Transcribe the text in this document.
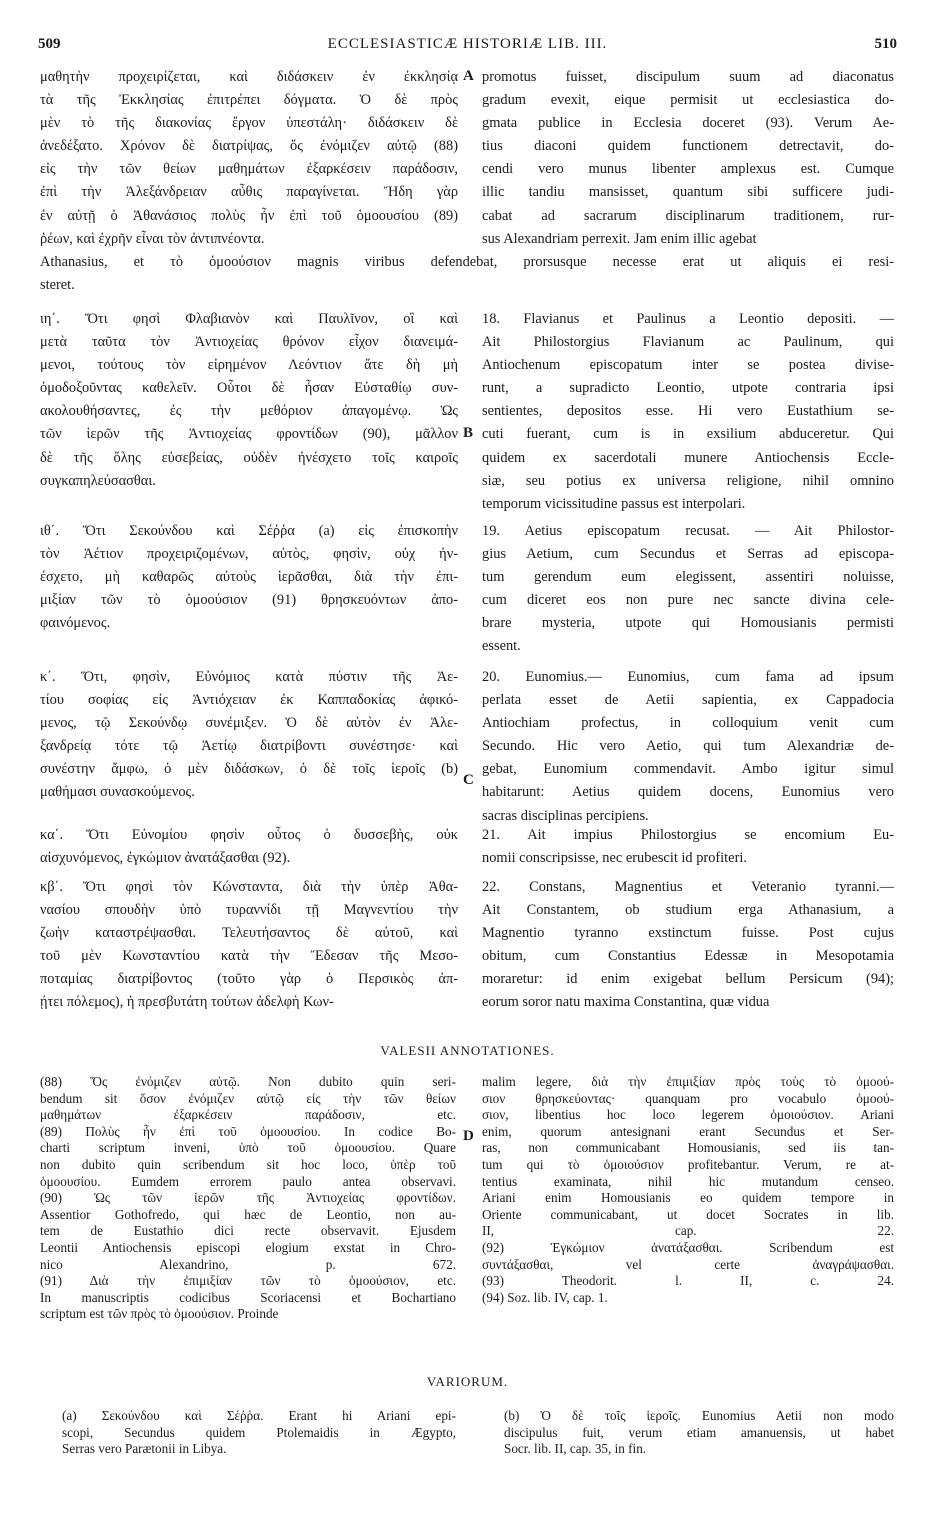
509	ECCLESIASTICÆ HISTORIÆ LIB. III.	510
μαθητὴν προχειρίζεται, καὶ διδάσκειν ἐν ἐκκλησίᾳ
τὰ τῆς Ἐκκλησίας ἐπιτρέπει δόγματα. Ὁ δὲ πρὸς
μὲν τὸ τῆς διακονίας ἔργον ὑπεστάλη· διδάσκειν δὲ
ἀνεδέξατο. Χρόνον δὲ διατρίψας, ὅς ἐνόμιζεν αὐτῷ (88)
εἰς τὴν τῶν θείων μαθημάτων ἐξαρκέσειν παράδοσιν,
ἐπὶ τὴν Ἀλεξάνδρειαν αὖθις παραγίνεται. Ἤδη γὰρ
ἐν αὐτῇ ὁ Ἀθανάσιος πολὺς ἦν ἐπὶ τοῦ ὁμοουσίου (89)
ῥέων, καὶ ἐχρῆν εἶναι τὸν ἀντιπνέοντα.
promotus fuisset, discipulum suum ad diaconatus
gradum evexit, eique permisit ut ecclesiastica do-
gmata publice in Ecclesia doceret (93). Verum Ae-
tius diaconi quidem functionem detrectavit, do-
cendi vero munus libenter amplexus est. Cumque
illic tandiu mansisset, quantum sibi sufficere judi-
cabat ad sacrarum disciplinarum traditionem, rur-
sus Alexandriam perrexit. Jam enim illic agebat
Athanasius, et τὸ ὁμοούσιον magnis viribus defendebat, prorsusque necesse erat ut aliquis ei resi-
steret.
ιη΄. Ὅτι φησὶ Φλαβιανὸν καὶ Παυλῖνον, οἳ καὶ
μετὰ ταῦτα τὸν Ἀντιοχείας θρόνον εἶχον διανειμά-
μενοι, τούτους τὸν εἰρημένον Λεόντιον ἅτε δὴ μὴ
ὁμοδοξοῦντας καθελεῖν. Οὗτοι δὲ ἦσαν Εὐσταθίῳ συν-
ακολουθήσαντες, ἐς τὴν μεθόριον ἀπαγομένῳ. Ὡς
τῶν ἱερῶν τῆς Ἀντιοχείας φροντίδων (90), μᾶλλον
δὲ τῆς ὅλης εὐσεβείας, οὐδὲν ἠνέσχετο τοῖς καιροῖς
συγκαπηλεύσασθαι.
ιθ΄. Ὅτι Σεκούνδου καὶ Σέῤῥα (a) εἰς ἐπισκοπὴν
τὸν Ἀέτιον προχειριζομένων, αὐτὸς, φησὶν, οὐχ ἠν-
έσχετο, μὴ καθαρῶς αὐτοὺς ἱερᾶσθαι, διὰ τὴν ἐπι-
μιξίαν τῶν τὸ ὁμοούσιον (91) θρησκευόντων ἀπο-
φαινόμενος.
κ΄. Ὅτι, φησὶν, Εὐνόμιος κατὰ πύστιν τῆς Ἀε-
τίου σοφίας εἰς Ἀντιόχειαν ἐκ Καππαδοκίας ἀφικό-
μενος, τῷ Σεκούνδῳ συνέμιξεν. Ὁ δὲ αὐτὸν ἐν Ἀλε-
ξανδρείᾳ τότε τῷ Ἀετίῳ διατρίβοντι συνέστησε· καὶ
συνέστην ἄμφω, ὁ μὲν διδάσκων, ὁ δὲ τοῖς ἱεροῖς (b)
μαθήμασι συνασκούμενος.
κα΄. Ὅτι Εὐνομίου φησὶν οὗτος ὁ δυσσεβὴς, οὐκ
αἰσχυνόμενος, ἐγκώμιον ἀνατάξασθαι (92).
κβ΄. Ὅτι φησὶ τὸν Κώνσταντα, διὰ τὴν ὑπὲρ Ἀθα-
νασίου σπουδὴν ὑπὸ τυραννίδι τῇ Μαγνεντίου τὴν
ζωὴν καταστρέψασθαι. Τελευτήσαντος δὲ αὐτοῦ, καὶ
τοῦ μὲν Κωνσταντίου κατὰ τὴν Ἔδεσαν τῆς Μεσο-
ποταμίας διατρίβοντος (τοῦτο γὰρ ὁ Περσικὸς ἀπ-
ῄτει πόλεμος), ἡ πρεσβυτάτη τούτων ἀδελφὴ Κων-
18. Flavianus et Paulinus a Leontio depositi. —
Ait Philostorgius Flavianum ac Paulinum, qui
Antiochenum episcopatum inter se postea divise-
runt, a supradicto Leontio, utpote contraria ipsi
sentientes, depositos esse. Hi vero Eustathium se-
cuti fuerant, cum is in exsilium abduceretur. Qui
quidem ex sacerdotali munere Antiochensis Eccle-
siæ, seu potius ex universa religione, nihil omnino
temporum vicissitudine passus est interpolari.
19. Aetius episcopatum recusat. — Ait Philostor-
gius Aetium, cum Secundus et Serras ad episcopa-
tum gerendum eum elegissent, assentiri noluisse,
cum diceret eos non pure nec sancte divina cele-
brare mysteria, utpote qui Homousianis permisti
essent.
20. Eunomius.— Eunomius, cum fama ad ipsum
perlata esset de Aetii sapientia, ex Cappadocia
Antiochiam profectus, in colloquium venit cum
Secundo. Hic vero Aetio, qui tum Alexandriæ de-
gebat, Eunomium commendavit. Ambo igitur simul
habitarunt: Aetius quidem docens, Eunomius vero
sacras disciplinas percipiens.
21. Ait impius Philostorgius se encomium Eu-
nomii conscripsisse, nec erubescit id profiteri.
22. Constans, Magnentius et Veteranio tyranni.—
Ait Constantem, ob studium erga Athanasium, a
Magnentio tyranno exstinctum fuisse. Post cujus
obitum, cum Constantius Edessæ in Mesopotamia
moraretur: id enim exigebat bellum Persicum (94);
eorum soror natu maxima Constantina, quæ vidua
A
B
C
D
VALESII ANNOTATIONES.
(88) Ὅς ἐνόμιζεν αὐτῷ. Non dubito quin seri-
bendum sit ὅσον ἐνόμιζεν αὐτῷ εἰς τὴν τῶν θείων
μαθημάτων ἐξαρκέσειν παράδοσιν, etc.
(89) Πολὺς ἦν ἐπὶ τοῦ ὁμοουσίου. In codice Bo-
charti scriptum inveni, ὑπὸ τοῦ ὁμοουσίου. Quare
non dubito quin scribendum sit hoc loco, ὑπὲρ τοῦ
ὁμοουσίου. Eumdem errorem paulo antea observavi.
(90) Ὡς τῶν ἱερῶν τῆς Ἀντιοχείας φροντίδων.
Assentior Gothofredo, qui hæc de Leontio, non au-
tem de Eustathio dici recte observavit. Ejusdem
Leontii Antiochensis episcopi elogium exstat in Chro-
nico Alexandrino, p. 672.
(91) Διὰ τὴν ἐπιμιξίαν τῶν τὸ ὁμοούσιον, etc.
In manuscriptis codicibus Scoriacensi et Bochartiano
scriptum est τῶν πρὸς τὸ ὁμοούσιον. Proinde
malim legere, διὰ τὴν ἐπιμιξίαν πρὸς τοὺς τὸ ὁμοού-
σιον θρησκεύοντας· quanquam pro vocabulo ὁμοού-
σιον, libentius hoc loco legerem ὁμοιούσιον. Ariani
enim, quorum antesignani erant Secundus et Ser-
ras, non communicabant Homousianis, sed iis tan-
tum qui τὸ ὁμοιούσιον profitebantur. Verum, re at-
tentius examinata, nihil hic mutandum censeo.
Ariani enim Homousianis eo quidem tempore in
Oriente communicabant, ut docet Socrates in lib.
II, cap. 22.
(92) Ἐγκώμιον ἀνατάξασθαι. Scribendum est
συντάξασθαι, vel certe ἀναγράψασθαι.
(93) Theodorit. l. II, c. 24.
(94) Soz. lib. IV, cap. 1.
VARIORUM.
(a) Σεκούνδου καὶ Σέῤῥα. Erant hi Ariani epi-
scopi, Secundus quidem Ptolemaidis in Ægypto,
Serras vero Parætonii in Libya.
(b) Ὁ δὲ τοῖς ἱεροῖς. Eunomius Aetii non modo
discipulus fuit, verum etiam amanuensis, ut habet
Socr. lib. II, cap. 35, in fin.
